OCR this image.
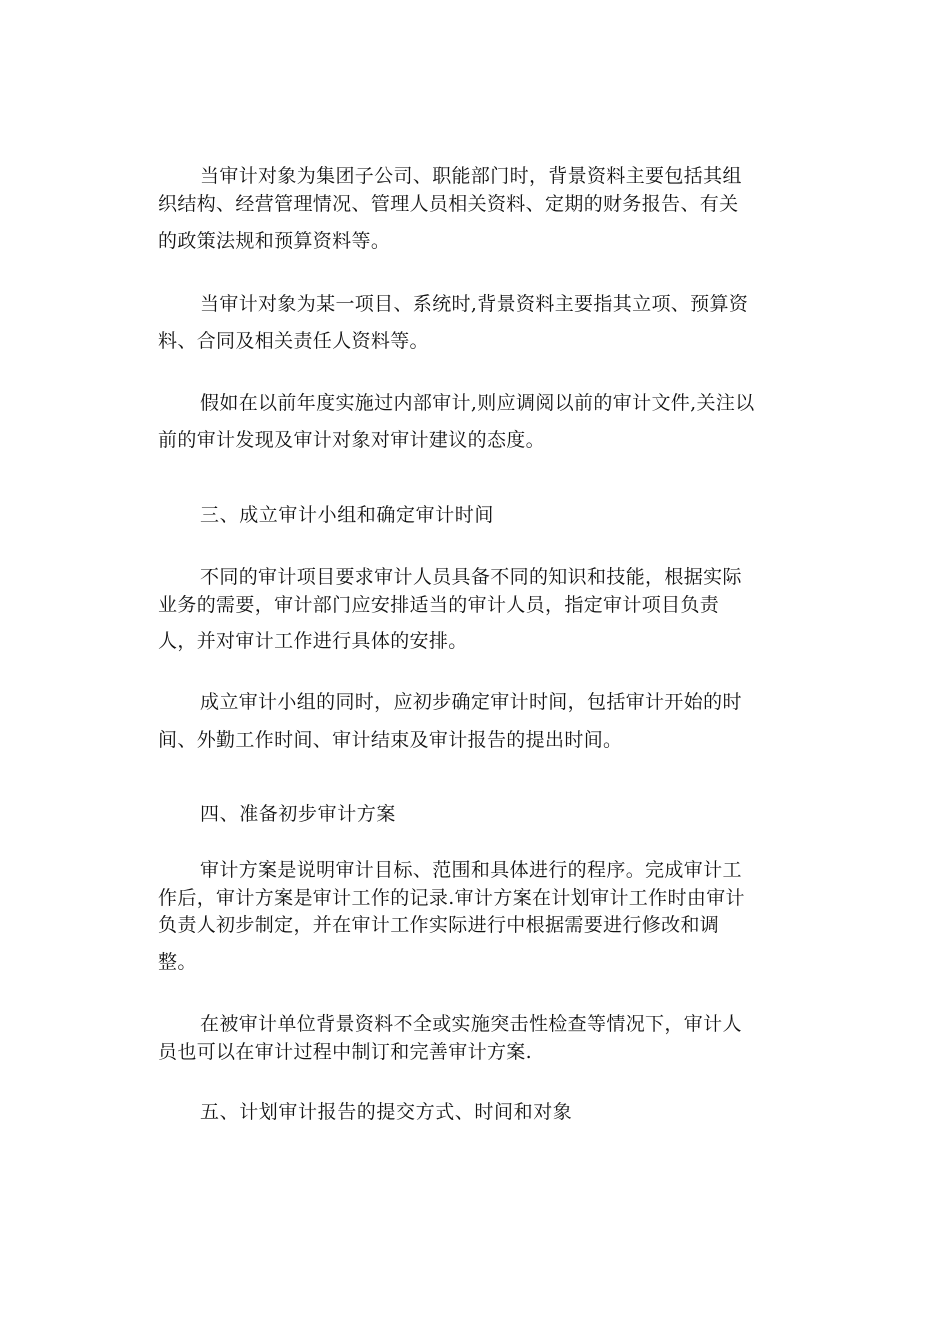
当审计对象为集团子公司、职能部门时，背景资料主要包括其组

织结构、经营管理情况、管理人员相关资料、定期的财务报告、有关

的政策法规和预算资料等。

当审计对象为某一项目、系统时,背景资料主要指其立项、预算资

料、合同及相关责任人资料等。

假如在以前年度实施过内部审计,则应调阅以前的审计文件,关注以

前的审计发现及审计对象对审计建议的态度。

三、成立审计小组和确定审计时间

不同的审计项目要求审计人员具备不同的知识和技能，根据实际

业务的需要，审计部门应安排适当的审计人员，指定审计项目负责

人，并对审计工作进行具体的安排。

成立审计小组的同时，应初步确定审计时间，包括审计开始的时

间、外勤工作时间、审计结束及审计报告的提出时间。

四、准备初步审计方案

审计方案是说明审计目标、范围和具体进行的程序。完成审计工

作后，审计方案是审计工作的记录.审计方案在计划审计工作时由审计

负责人初步制定，并在审计工作实际进行中根据需要进行修改和调

整。

在被审计单位背景资料不全或实施突击性检查等情况下，审计人

员也可以在审计过程中制订和完善审计方案.

五、计划审计报告的提交方式、时间和对象
